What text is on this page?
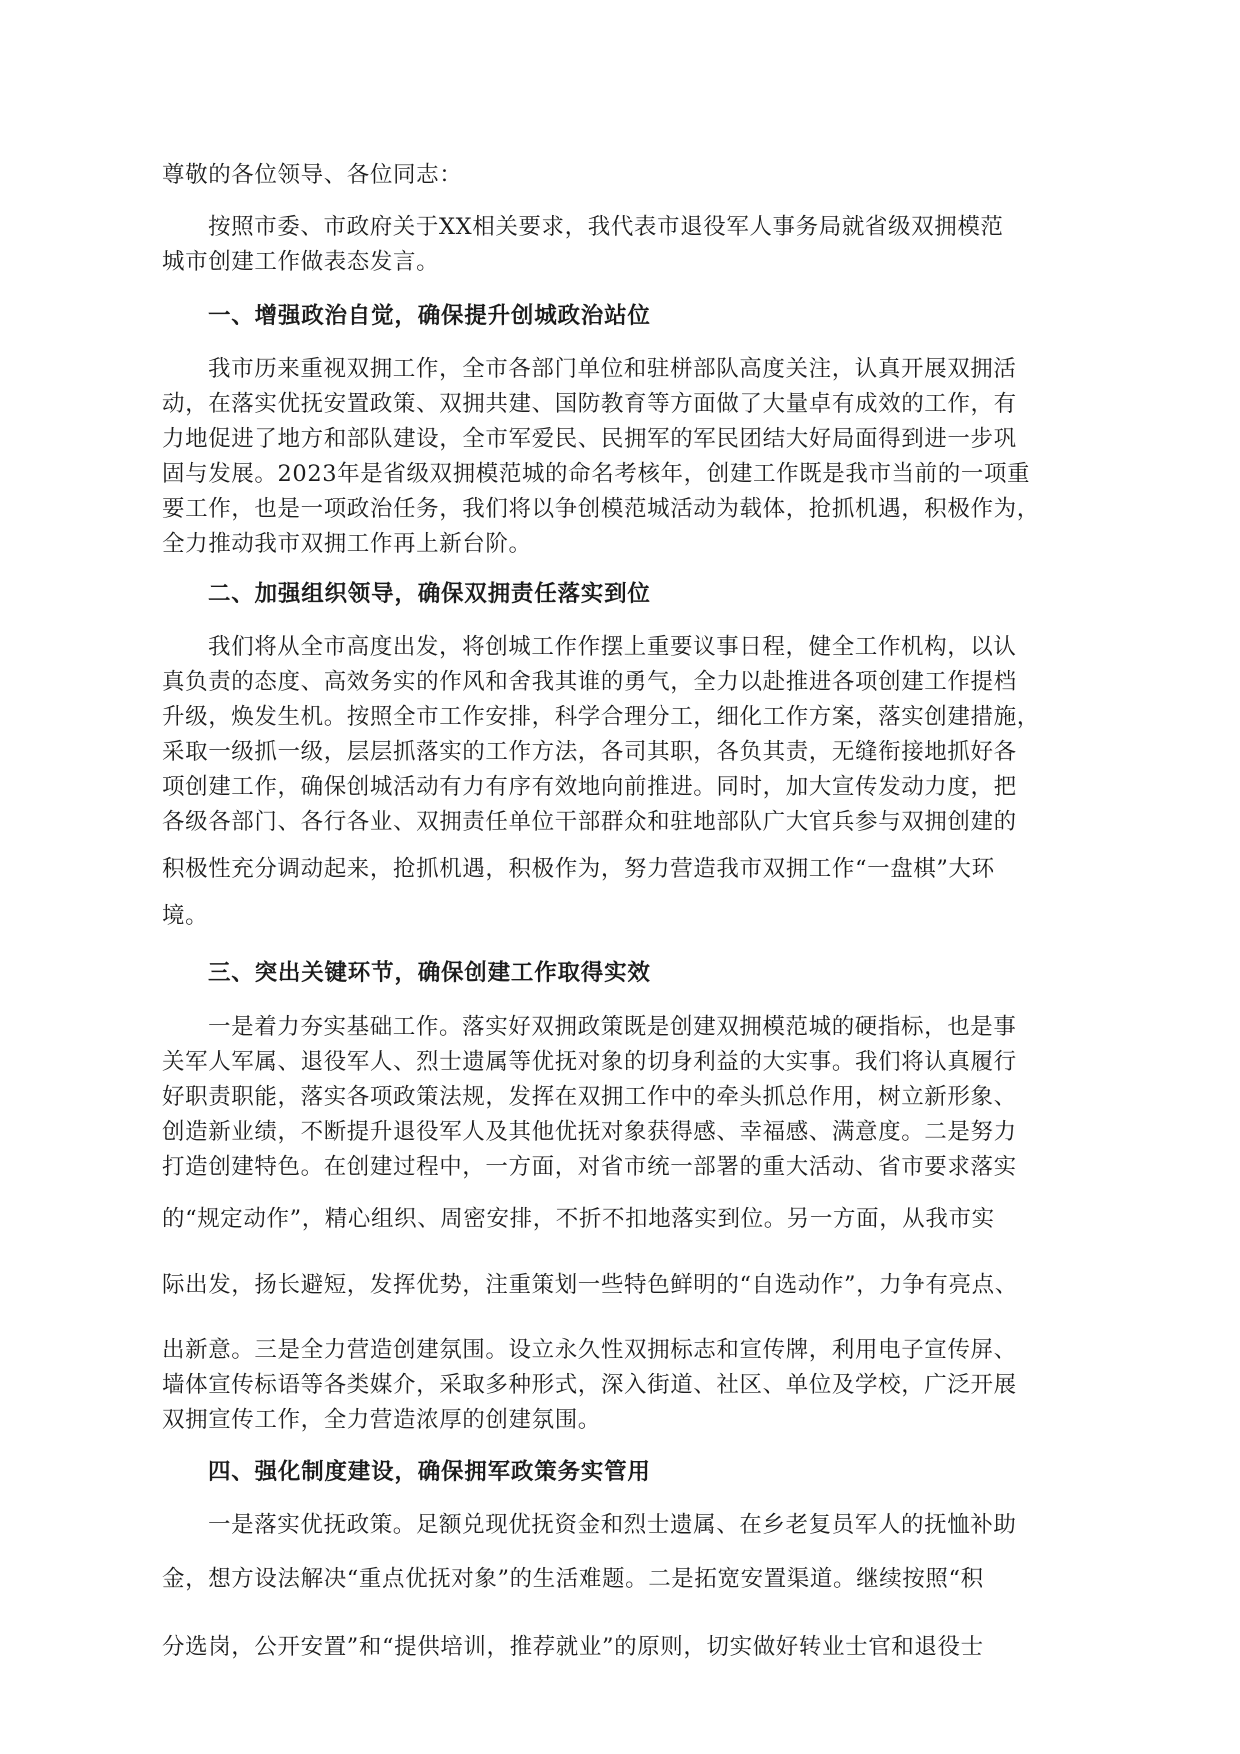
尊敬的各位领导、各位同志：
按照市委、市政府关于XX相关要求，我代表市退役军人事务局就省级双拥模范
城市创建工作做表态发言。
一、增强政治自觉，确保提升创城政治站位
我市历来重视双拥工作，全市各部门单位和驻栟部队高度关注，认真开展双拥活
动，在落实优抚安置政策、双拥共建、国防教育等方面做了大量卓有成效的工作，有
力地促进了地方和部队建设，全市军爱民、民拥军的军民团结大好局面得到进一步巩
固与发展。2023年是省级双拥模范城的命名考核年，创建工作既是我市当前的一项重
要工作，也是一项政治任务，我们将以争创模范城活动为载体，抢抓机遇，积极作为，
全力推动我市双拥工作再上新台阶。
二、加强组织领导，确保双拥责任落实到位
我们将从全市高度出发，将创城工作作摆上重要议事日程，健全工作机构，以认
真负责的态度、高效务实的作风和舍我其谁的勇气，全力以赴推进各项创建工作提档
升级，焕发生机。按照全市工作安排，科学合理分工，细化工作方案，落实创建措施，
采取一级抓一级，层层抓落实的工作方法，各司其职，各负其责，无缝衔接地抓好各
项创建工作，确保创城活动有力有序有效地向前推进。同时，加大宣传发动力度，把
各级各部门、各行各业、双拥责任单位干部群众和驻地部队广大官兵参与双拥创建的
积极性充分调动起来，抢抓机遇，积极作为，努力营造我市双拥工作“一盘棋”大环
境。
三、突出关键环节，确保创建工作取得实效
一是着力夯实基础工作。落实好双拥政策既是创建双拥模范城的硬指标，也是事
关军人军属、退役军人、烈士遗属等优抚对象的切身利益的大实事。我们将认真履行
好职责职能，落实各项政策法规，发挥在双拥工作中的牵头抓总作用，树立新形象、
创造新业绩，不断提升退役军人及其他优抚对象获得感、幸福感、满意度。二是努力
打造创建特色。在创建过程中，一方面，对省市统一部署的重大活动、省市要求落实
的“规定动作”，精心组织、周密安排，不折不扣地落实到位。另一方面，从我市实
际出发，扬长避短，发挥优势，注重策划一些特色鲜明的“自选动作”，力争有亮点、
出新意。三是全力营造创建氛围。设立永久性双拥标志和宣传牌，利用电子宣传屏、
墙体宣传标语等各类媒介，采取多种形式，深入街道、社区、单位及学校，广泛开展
双拥宣传工作，全力营造浓厚的创建氛围。
四、强化制度建设，确保拥军政策务实管用
一是落实优抚政策。足额兑现优抚资金和烈士遗属、在乡老复员军人的抚恤补助
金，想方设法解决“重点优抚对象”的生活难题。二是拓宽安置渠道。继续按照“积
分选岗，公开安置”和“提供培训，推荐就业”的原则，切实做好转业士官和退役士
